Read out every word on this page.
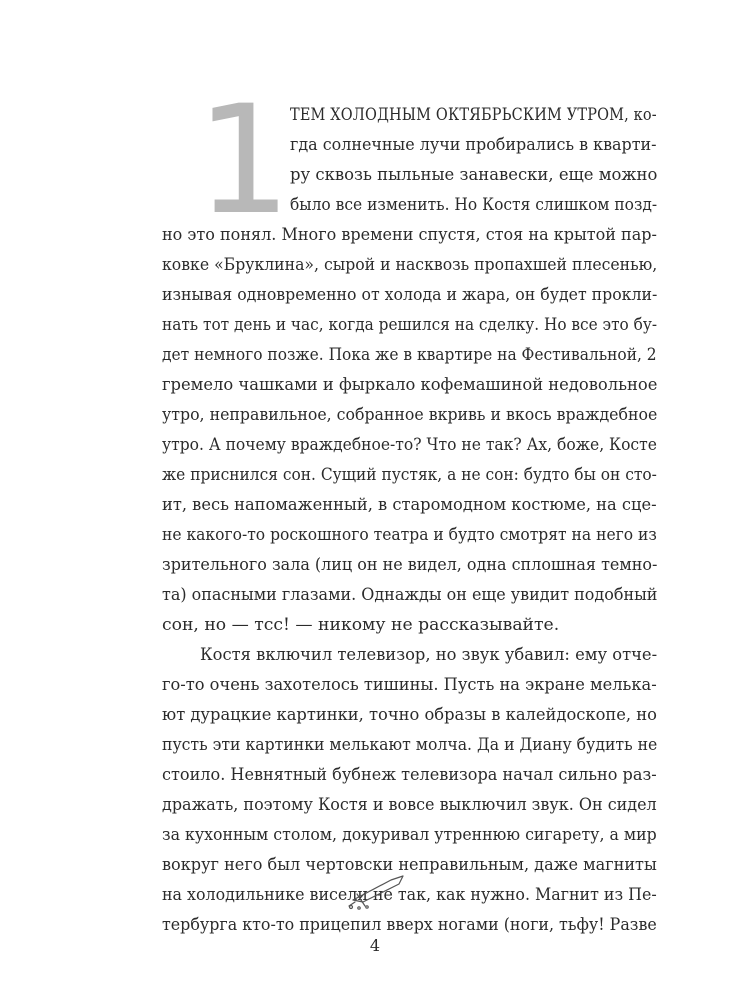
1 ТЕМ ХОЛОДНЫМ ОКТЯБРЬСКИМ УТРОМ, ко-
гда солнечные лучи пробирались в кварти-
ру сквозь пыльные занавески, еще можно
было все изменить. Но Костя слишком позд-
но это понял. Много времени спустя, стоя на крытой пар-
ковке «Бруклина», сырой и насквозь пропахшей плесенью,
изнывая одновременно от холода и жара, он будет прокли-
нать тот день и час, когда решился на сделку. Но все это бу-
дет немного позже. Пока же в квартире на Фестивальной, 2
гремело чашками и фыркало кофемашиной недовольное
утро, неправильное, собранное вкривь и вкось враждебное
утро. А почему враждебное-то? Что не так? Ах, боже, Косте
же приснился сон. Сущий пустяк, а не сон: будто бы он сто-
ит, весь напомаженный, в старомодном костюме, на сце-
не какого-то роскошного театра и будто смотрят на него из
зрительного зала (лиц он не видел, одна сплошная темно-
та) опасными глазами. Однажды он еще увидит подобный
сон, но — тсс! — никому не рассказывайте.
Костя включил телевизор, но звук убавил: ему отче-
го-то очень захотелось тишины. Пусть на экране мелька-
ют дурацкие картинки, точно образы в калейдоскопе, но
пусть эти картинки мелькают молча. Да и Диану будить не
стоило. Невнятный бубнеж телевизора начал сильно раз-
дражать, поэтому Костя и вовсе выключил звук. Он сидел
за кухонным столом, докуривал утреннюю сигарету, а мир
вокруг него был чертовски неправильным, даже магниты
на холодильнике висели не так, как нужно. Магнит из Пе-
тербурга кто-то прицепил вверх ногами (ноги, тьфу! Разве
4
